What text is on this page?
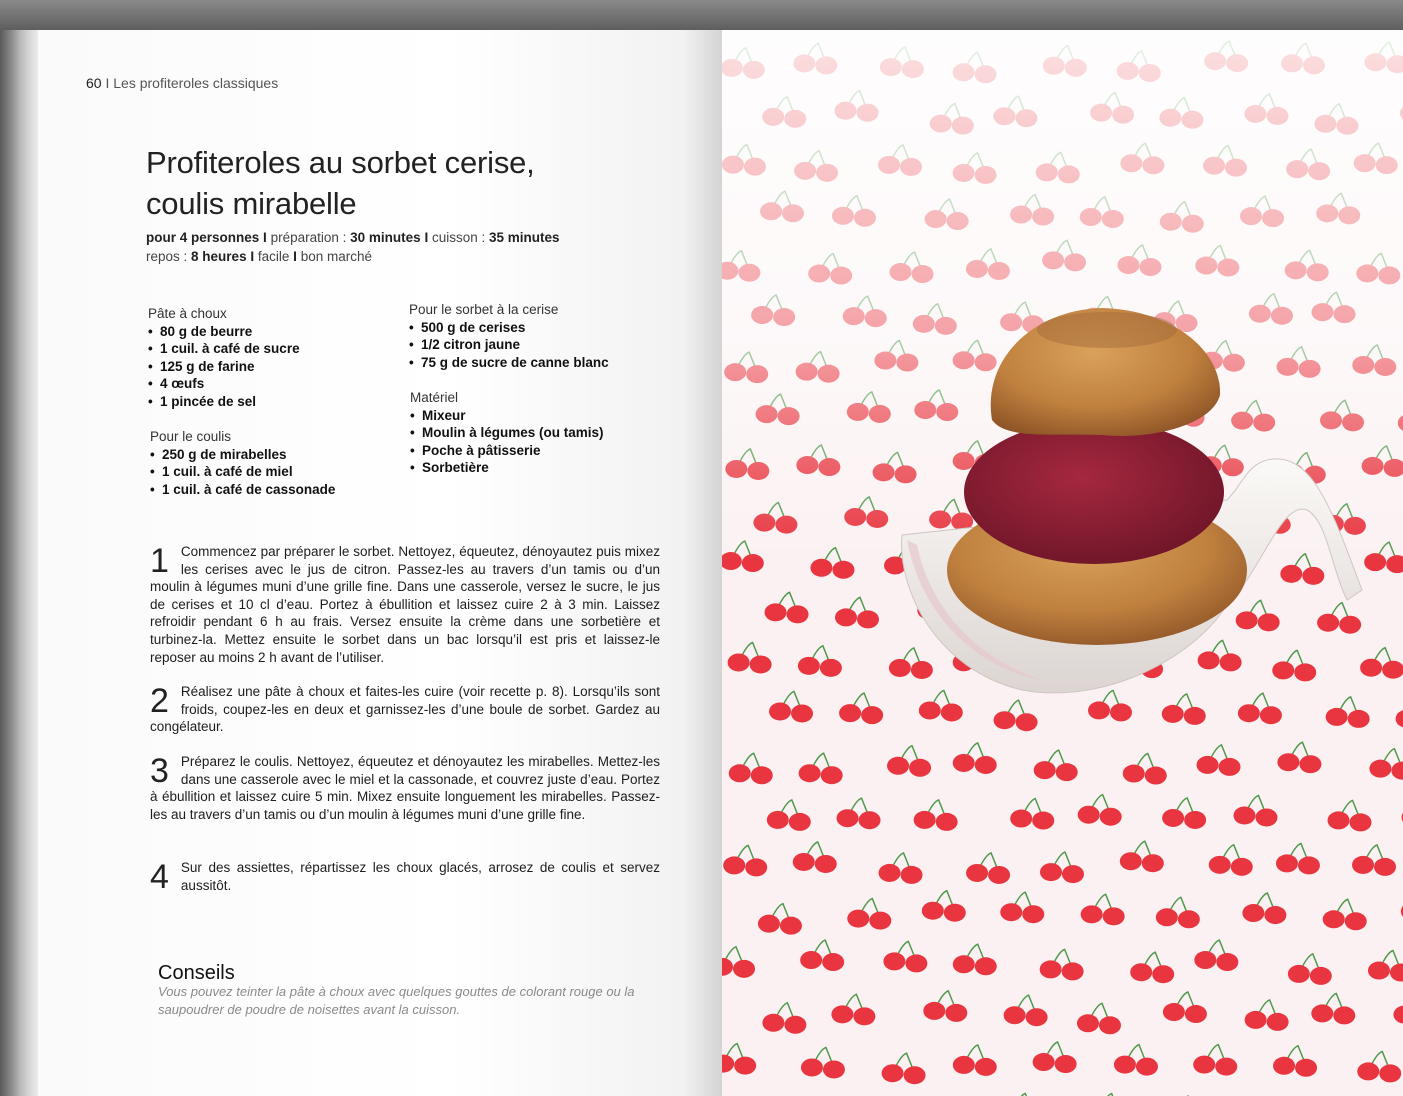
60 I Les profiteroles classiques
Profiteroles au sorbet cerise,
coulis mirabelle
pour 4 personnes I préparation : 30 minutes I cuisson : 35 minutes
repos : 8 heures I facile I bon marché
Pâte à choux
• 80 g de beurre
• 1 cuil. à café de sucre
• 125 g de farine
• 4 œufs
• 1 pincée de sel
Pour le coulis
• 250 g de mirabelles
• 1 cuil. à café de miel
• 1 cuil. à café de cassonade
Pour le sorbet à la cerise
• 500 g de cerises
• 1/2 citron jaune
• 75 g de sucre de canne blanc
Matériel
• Mixeur
• Moulin à légumes (ou tamis)
• Poche à pâtisserie
• Sorbetière
1 Commencez par préparer le sorbet. Nettoyez, équeutez, dénoyautez puis mixez les cerises avec le jus de citron. Passez-les au travers d’un tamis ou d’un moulin à légumes muni d’une grille fine. Dans une casserole, versez le sucre, le jus de cerises et 10 cl d’eau. Portez à ébullition et laissez cuire 2 à 3 min. Laissez refroidir pendant 6 h au frais. Versez ensuite la crème dans une sorbetière et turbinez-la. Mettez ensuite le sorbet dans un bac lorsqu’il est pris et laissez-le reposer au moins 2 h avant de l’utiliser.
2 Réalisez une pâte à choux et faites-les cuire (voir recette p. 8). Lorsqu’ils sont froids, coupez-les en deux et garnissez-les d’une boule de sorbet. Gardez au congélateur.
3 Préparez le coulis. Nettoyez, équeutez et dénoyautez les mirabelles. Mettez-les dans une casserole avec le miel et la cassonade, et couvrez juste d’eau. Portez à ébullition et laissez cuire 5 min. Mixez ensuite longuement les mirabelles. Passez-les au travers d’un tamis ou d’un moulin à légumes muni d’une grille fine.
4 Sur des assiettes, répartissez les choux glacés, arrosez de coulis et servez aussitôt.
Conseils
Vous pouvez teinter la pâte à choux avec quelques gouttes de colorant rouge ou la saupoudrer de poudre de noisettes avant la cuisson.
